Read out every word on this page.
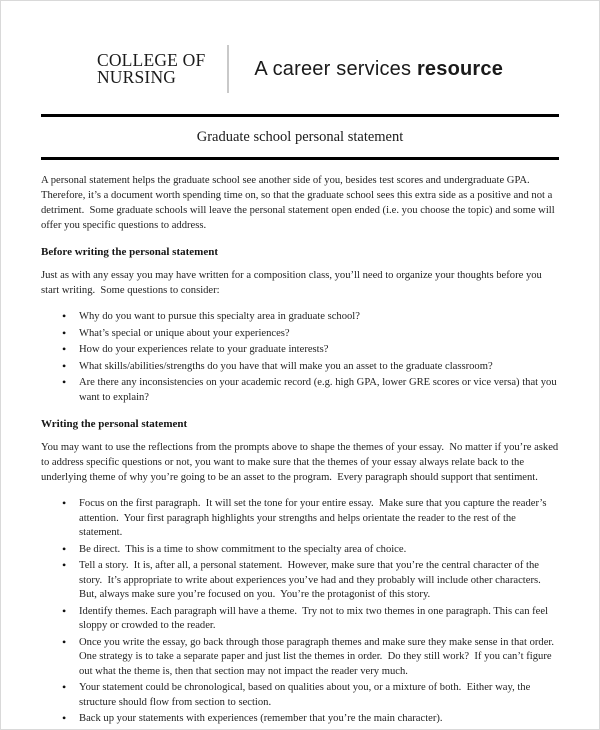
COLLEGE OF
NURSING	A career services resource
Graduate school personal statement

A personal statement helps the graduate school see another side of you, besides test scores and undergraduate GPA.  Therefore, it’s a document worth spending time on, so that the graduate school sees this extra side as a positive and not a detriment.  Some graduate schools will leave the personal statement open ended (i.e. you choose the topic) and some will offer you specific questions to address.

Before writing the personal statement

Just as with any essay you may have written for a composition class, you’ll need to organize your thoughts before you start writing.  Some questions to consider:

• Why do you want to pursue this specialty area in graduate school?
• What’s special or unique about your experiences?
• How do your experiences relate to your graduate interests?
• What skills/abilities/strengths do you have that will make you an asset to the graduate classroom?
• Are there any inconsistencies on your academic record (e.g. high GPA, lower GRE scores or vice versa) that you want to explain?
Writing the personal statement

You may want to use the reflections from the prompts above to shape the themes of your essay.  No matter if you’re asked to address specific questions or not, you want to make sure that the themes of your essay always relate back to the underlying theme of why you’re going to be an asset to the program.  Every paragraph should support that sentiment.

• Focus on the first paragraph.  It will set the tone for your entire essay.  Make sure that you capture the reader’s attention.  Your first paragraph highlights your strengths and helps orientate the reader to the rest of the statement.
• Be direct.  This is a time to show commitment to the specialty area of choice.
• Tell a story.  It is, after all, a personal statement.  However, make sure that you’re the central character of the story.  It’s appropriate to write about experiences you’ve had and they probably will include other characters.  But, always make sure you’re focused on you.  You’re the protagonist of this story.
• Identify themes. Each paragraph will have a theme.  Try not to mix two themes in one paragraph. This can feel sloppy or crowded to the reader.
• Once you write the essay, go back through those paragraph themes and make sure they make sense in that order.  One strategy is to take a separate paper and just list the themes in order.  Do they still work?  If you can’t figure out what the theme is, then that section may not impact the reader very much.
• Your statement could be chronological, based on qualities about you, or a mixture of both.  Either way, the structure should flow from section to section.
• Back up your statements with experiences (remember that you’re the main character).
